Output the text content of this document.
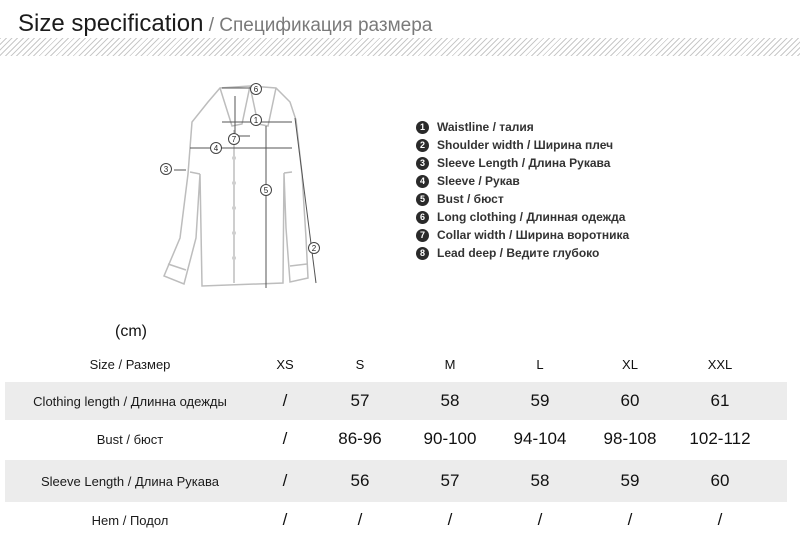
Size specification / Спецификация размера
6
1
7
4
3
5
2
1	Waistline / талия
2	Shoulder width / Ширина плеч
3	Sleeve Length / Длина Рукава
4	Sleeve / Рукав
5	Bust / бюст
6	Long clothing / Длинная одежда
7	Collar width / Ширина воротника
8	Lead deep / Ведите глубоко
(cm)
Size / Размер	XS	S	M	L	XL	XXL
Clothing length / Длинна одежды	/	57	58	59	60	61
Bust / бюст	/	86-96	90-100	94-104	98-108	102-112
Sleeve Length / Длина Рукава	/	56	57	58	59	60
Hem / Подол	/	/	/	/	/	/
